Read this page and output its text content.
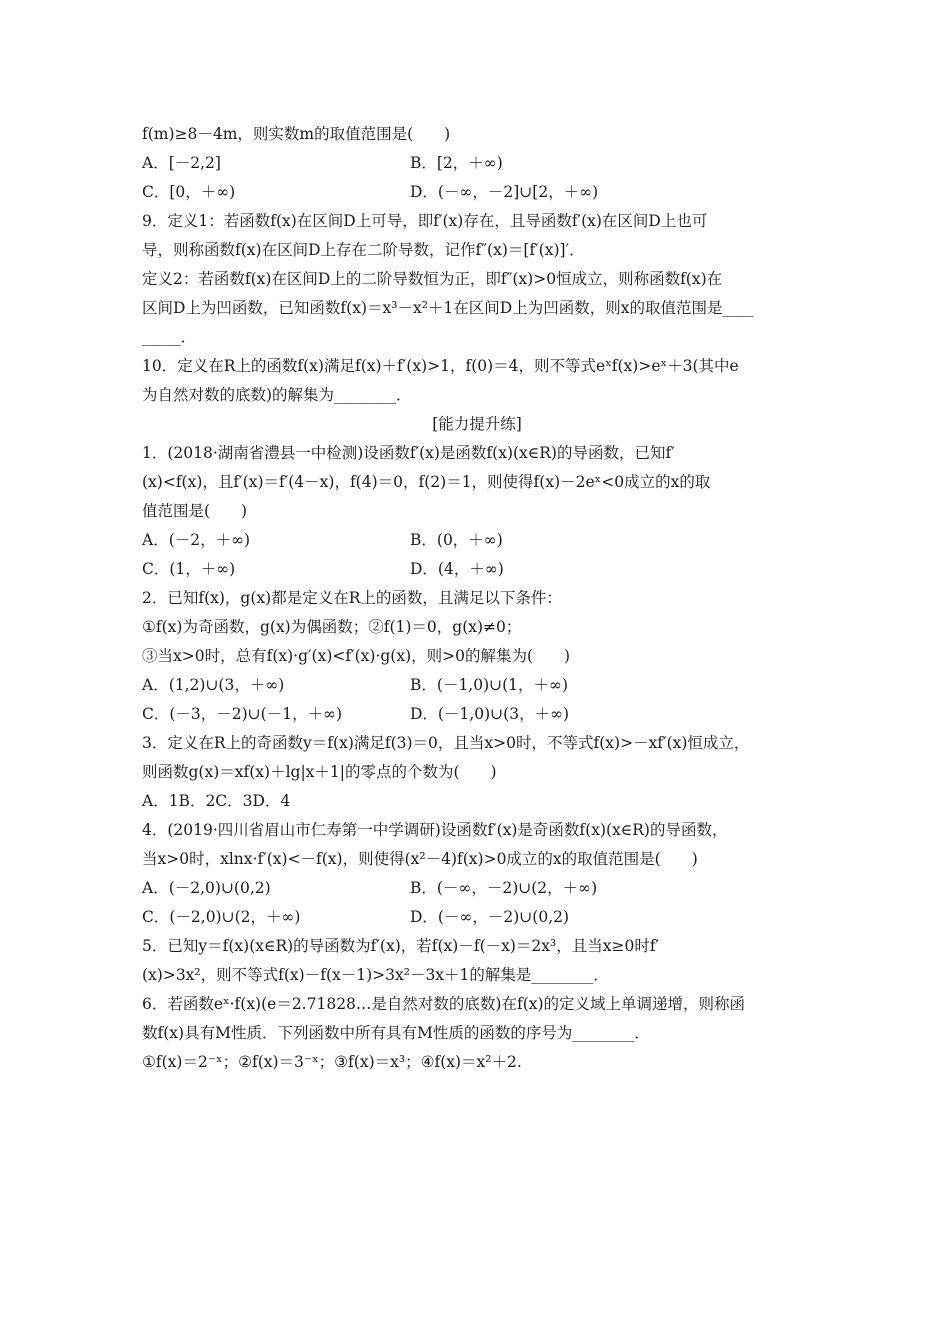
f(m)≥8－4m，则实数m的取值范围是(　　)
A．[－2,2]	B．[2，＋∞)
C．[0，＋∞)	D．(－∞，－2]∪[2，＋∞)
9．定义1：若函数f(x)在区间D上可导，即f′(x)存在，且导函数f′(x)在区间D上也可
导，则称函数f(x)在区间D上存在二阶导数，记作f″(x)＝[f′(x)]′．
定义2：若函数f(x)在区间D上的二阶导数恒为正，即f″(x)>0恒成立，则称函数f(x)在
区间D上为凹函数，已知函数f(x)＝x³－x²＋1在区间D上为凹函数，则x的取值范围是____
_____．
10．定义在R上的函数f(x)满足f(x)＋f′(x)>1，f(0)＝4，则不等式eˣf(x)>eˣ＋3(其中e
为自然对数的底数)的解集为________．
[能力提升练]
1．(2018·湖南省澧县一中检测)设函数f′(x)是函数f(x)(x∈R)的导函数，已知f′
(x)<f(x)，且f′(x)＝f′(4－x)，f(4)＝0，f(2)＝1，则使得f(x)－2eˣ<0成立的x的取
值范围是(　　)
A．(－2，＋∞)	B．(0，＋∞)
C．(1，＋∞)	D．(4，＋∞)
2．已知f(x)，g(x)都是定义在R上的函数，且满足以下条件：
①f(x)为奇函数，g(x)为偶函数；②f(1)＝0，g(x)≠0；
③当x>0时，总有f(x)·g′(x)<f′(x)·g(x)，则>0的解集为(　　)
A．(1,2)∪(3，＋∞)	B．(－1,0)∪(1，＋∞)
C．(－3，－2)∪(－1，＋∞)	D．(－1,0)∪(3，＋∞)
3．定义在R上的奇函数y＝f(x)满足f(3)＝0，且当x>0时，不等式f(x)>－xf′(x)恒成立，
则函数g(x)＝xf(x)＋lg|x＋1|的零点的个数为(　　)
A．1B．2C．3D．4
4．(2019·四川省眉山市仁寿第一中学调研)设函数f′(x)是奇函数f(x)(x∈R)的导函数，
当x>0时，xlnx·f′(x)<－f(x)，则使得(x²－4)f(x)>0成立的x的取值范围是(　　)
A．(－2,0)∪(0,2)	B．(－∞，－2)∪(2，＋∞)
C．(－2,0)∪(2，＋∞)	D．(－∞，－2)∪(0,2)
5．已知y＝f(x)(x∈R)的导函数为f′(x)，若f(x)－f(－x)＝2x³，且当x≥0时f′
(x)>3x²，则不等式f(x)－f(x－1)>3x²－3x＋1的解集是________．
6．若函数eˣ·f(x)(e＝2.71828…是自然对数的底数)在f(x)的定义域上单调递增，则称函
数f(x)具有M性质．下列函数中所有具有M性质的函数的序号为________．
①f(x)＝2⁻ˣ；②f(x)＝3⁻ˣ；③f(x)＝x³；④f(x)＝x²＋2.
